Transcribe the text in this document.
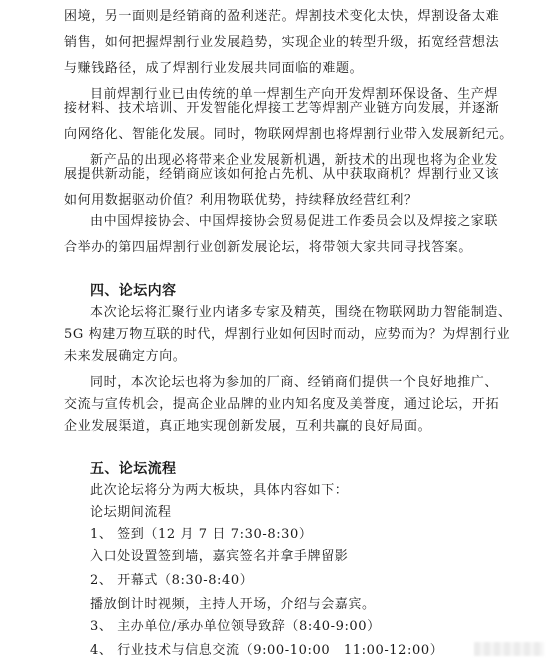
困境，另一面则是经销商的盈利迷茫。焊割技术变化太快，焊割设备太难
销售，如何把握焊割行业发展趋势，实现企业的转型升级，拓宽经营想法
与赚钱路径，成了焊割行业发展共同面临的难题。
目前焊割行业已由传统的单一焊割生产向开发焊割环保设备、生产焊
接材料、技术培训、开发智能化焊接工艺等焊割产业链方向发展，并逐渐
向网络化、智能化发展。同时，物联网焊割也将焊割行业带入发展新纪元。
新产品的出现必将带来企业发展新机遇，新技术的出现也将为企业发
展提供新动能，经销商应该如何抢占先机、从中获取商机？焊割行业又该
如何用数据驱动价值？利用物联优势，持续释放经营红利？
由中国焊接协会、中国焊接协会贸易促进工作委员会以及焊接之家联
合举办的第四届焊割行业创新发展论坛，将带领大家共同寻找答案。
四、论坛内容
本次论坛将汇聚行业内诸多专家及精英，围绕在物联网助力智能制造、
5G 构建万物互联的时代，焊割行业如何因时而动，应势而为？为焊割行业
未来发展确定方向。
同时，本次论坛也将为参加的厂商、经销商们提供一个良好地推广、
交流与宣传机会，提高企业品牌的业内知名度及美誉度，通过论坛，开拓
企业发展渠道，真正地实现创新发展，互利共赢的良好局面。
五、论坛流程
此次论坛将分为两大板块，具体内容如下：
论坛期间流程
1、 签到（12 月 7 日 7:30-8:30）
入口处设置签到墙，嘉宾签名并拿手牌留影
2、 开幕式（8:30-8:40）
播放倒计时视频，主持人开场，介绍与会嘉宾。
3、 主办单位/承办单位领导致辞（8:40-9:00）
4、 行业技术与信息交流（9:00-10:00　11:00-12:00）
